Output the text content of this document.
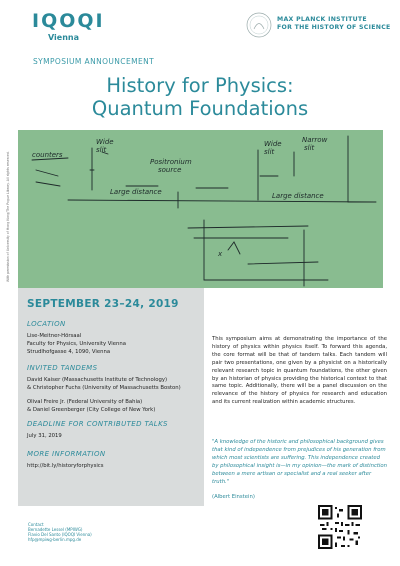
IQOQI
Vienna
MAX PLANCK INSTITUTE
FOR THE HISTORY OF SCIENCE
SYMPOSIUM ANNOUNCEMENT
History for Physics:
Quantum Foundations
With permission of University of Hong Kong/The Pogue Library. All rights reserved.	counters
Wide
slit
Positronium
source
Wide
slit
Narrow
slit
Large distance
Large distance
x
SEPTEMBER 23–24, 2019
LOCATION
Lise-Meitner-Hörsaal
Faculty for Physics, University Vienna
Strudlhofgasse 4, 1090, Vienna
INVITED TANDEMS
David Kaiser (Massachusetts Institute of Technology)
& Christopher Fuchs (University of Massachusetts Boston)
Olival Freire Jr. (Federal University of Bahia)
& Daniel Greenberger (City College of New York)
DEADLINE FOR CONTRIBUTED TALKS
July 31, 2019
MORE INFORMATION
http://bit.ly/historyforphysics
This symposium aims at demonstrating the importance of the history of physics within physics itself. To forward this agenda, the core format will be that of tandem talks. Each tandem will pair two presentations, one given by a physicist on a historically relevant research topic in quantum foundations, the other given by an historian of physics providing the historical context to that same topic. Additionally, there will be a panel discussion on the relevance of the history of physics for research and education and its current realization within academic structures.
"A knowledge of the historic and philosophical background gives that kind of independence from prejudices of his generation from which most scientists are suffering. This independence created by philosophical insight is—in my opinion—the mark of distinction between a mere artisan or specialist and a real seeker after truth."
(Albert Einstein)
Contact
Bernadette Lessel (MPIWG)
Flavio Del Santo (IQOQI Vienna)
hfp@mpiwg-berlin.mpg.de
